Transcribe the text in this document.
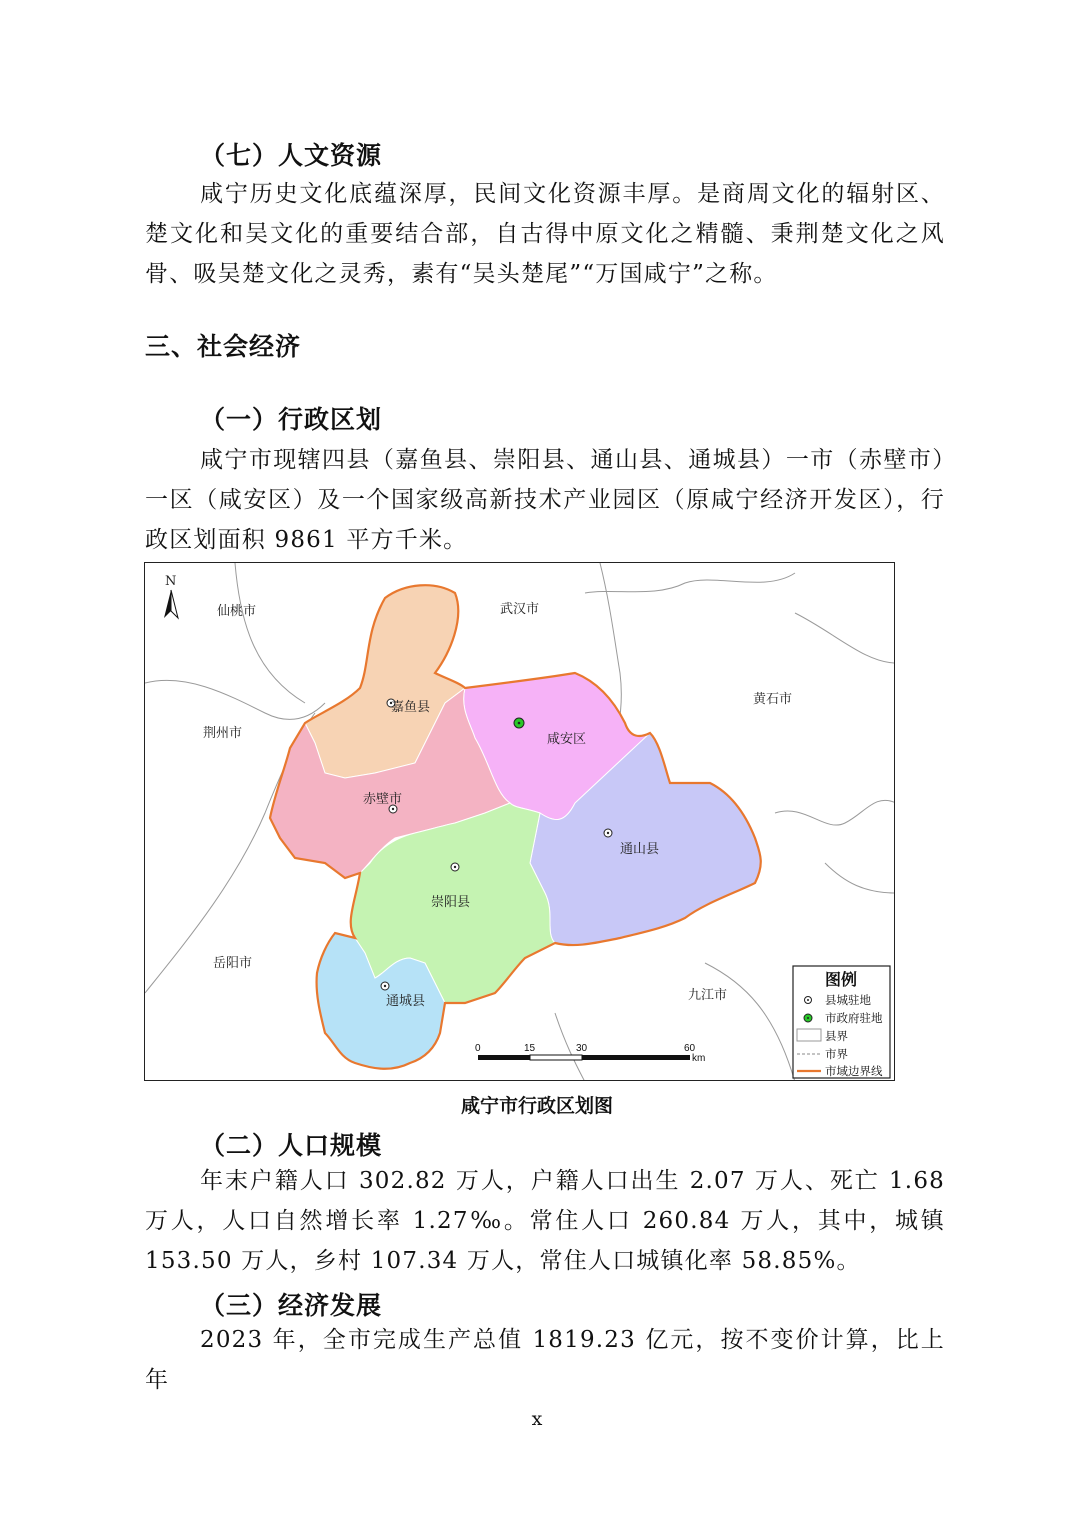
（七）人文资源

咸宁历史文化底蕴深厚，民间文化资源丰厚。是商周文化的辐射区、楚文化和吴文化的重要结合部，自古得中原文化之精髓、秉荆楚文化之风骨、吸吴楚文化之灵秀，素有“吴头楚尾”“万国咸宁”之称。

三、社会经济
（一）行政区划

咸宁市现辖四县（嘉鱼县、崇阳县、通山县、通城县）一市（赤壁市）一区（咸安区）及一个国家级高新技术产业园区（原咸宁经济开发区），行政区划面积 9861 平方千米。

N
仙桃市	武汉市
黄石市
荆州市
岳阳市
九江市
嘉鱼县
咸安区
赤壁市
通山县
崇阳县
通城县
0	15	30	60
km
图例
县城驻地
市政府驻地
县界
市界
市域边界线
咸宁市行政区划图
（二）人口规模

年末户籍人口 302.82 万人，户籍人口出生 2.07 万人、死亡 1.68 万人，人口自然增长率 1.27‰。常住人口 260.84 万人，其中，城镇 153.50 万人，乡村 107.34 万人，常住人口城镇化率 58.85%。

（三）经济发展

2023 年，全市完成生产总值 1819.23 亿元，按不变价计算，比上年

x
